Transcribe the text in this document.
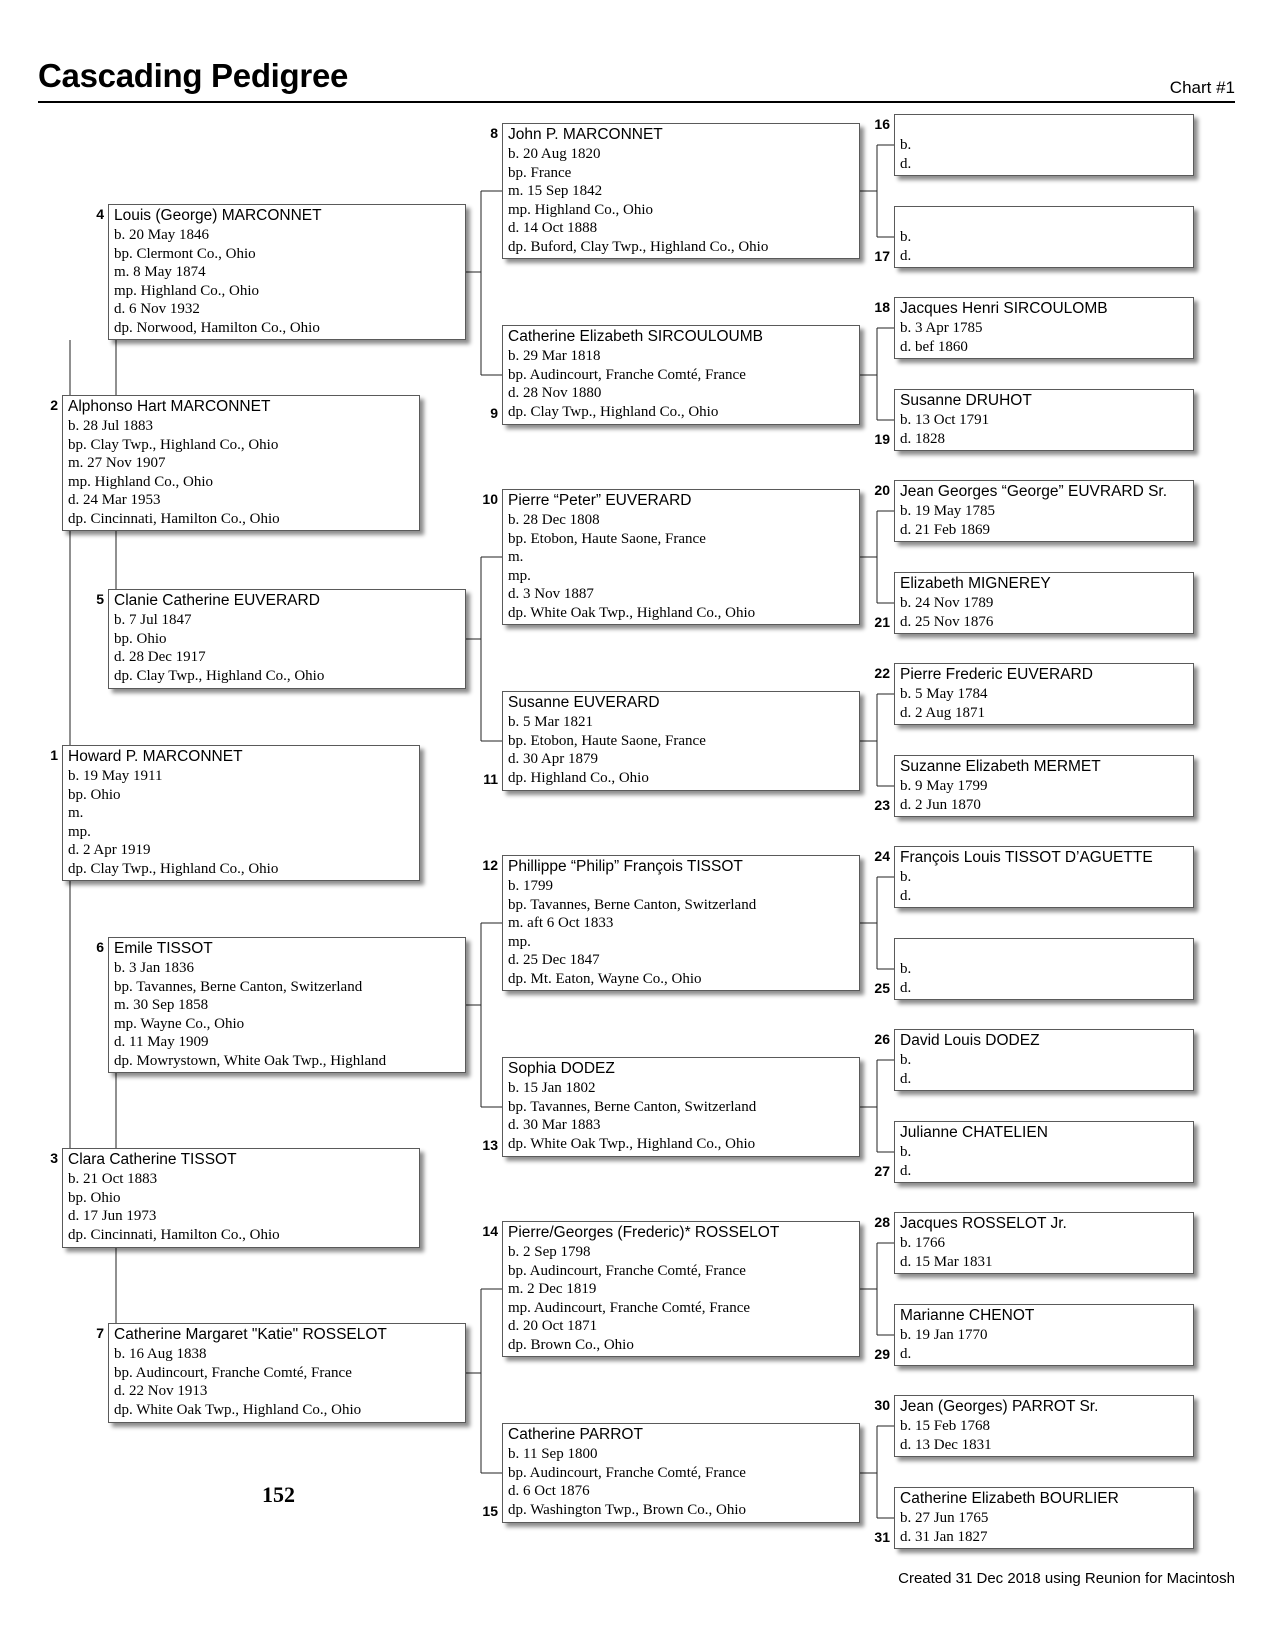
Cascading Pedigree	Chart #1
Howard P. MARCONNET
b. 19 May 1911
bp. Ohio
m.
mp.
d. 2 Apr 1919
dp. Clay Twp., Highland Co., Ohio
1
Alphonso Hart MARCONNET
b. 28 Jul 1883
bp. Clay Twp., Highland Co., Ohio
m. 27 Nov 1907
mp. Highland Co., Ohio
d. 24 Mar 1953
dp. Cincinnati, Hamilton Co., Ohio
2
Clara Catherine TISSOT
b. 21 Oct 1883
bp. Ohio
d. 17 Jun 1973
dp. Cincinnati, Hamilton Co., Ohio
3
Louis (George) MARCONNET
b. 20 May 1846
bp. Clermont Co., Ohio
m. 8 May 1874
mp. Highland Co., Ohio
d. 6 Nov 1932
dp. Norwood, Hamilton Co., Ohio
4
Clanie Catherine EUVERARD
b. 7 Jul 1847
bp. Ohio
d. 28 Dec 1917
dp. Clay Twp., Highland Co., Ohio
5
Emile TISSOT
b. 3 Jan 1836
bp. Tavannes, Berne Canton, Switzerland
m. 30 Sep 1858
mp. Wayne Co., Ohio
d. 11 May 1909
dp. Mowrystown, White Oak Twp., Highland
6
Catherine Margaret "Katie" ROSSELOT
b. 16 Aug 1838
bp. Audincourt, Franche Comté, France
d. 22 Nov 1913
dp. White Oak Twp., Highland Co., Ohio
7
John P. MARCONNET
b. 20 Aug 1820
bp. France
m. 15 Sep 1842
mp. Highland Co., Ohio
d. 14 Oct 1888
dp. Buford, Clay Twp., Highland Co., Ohio
8
Catherine Elizabeth SIRCOULOUMB
b. 29 Mar 1818
bp. Audincourt, Franche Comté, France
d. 28 Nov 1880
dp. Clay Twp., Highland Co., Ohio
9
Pierre “Peter” EUVERARD
b. 28 Dec 1808
bp. Etobon, Haute Saone, France
m.
mp.
d. 3 Nov 1887
dp. White Oak Twp., Highland Co., Ohio
10
Susanne EUVERARD
b. 5 Mar 1821
bp. Etobon, Haute Saone, France
d. 30 Apr 1879
dp. Highland Co., Ohio
11
Phillippe “Philip” François TISSOT
b. 1799
bp. Tavannes, Berne Canton, Switzerland
m. aft 6 Oct 1833
mp.
d. 25 Dec 1847
dp. Mt. Eaton, Wayne Co., Ohio
12
Sophia DODEZ
b. 15 Jan 1802
bp. Tavannes, Berne Canton, Switzerland
d. 30 Mar 1883
dp. White Oak Twp., Highland Co., Ohio
13
Pierre/Georges (Frederic)* ROSSELOT
b. 2 Sep 1798
bp. Audincourt, Franche Comté, France
m. 2 Dec 1819
mp. Audincourt, Franche Comté, France
d. 20 Oct 1871
dp. Brown Co., Ohio
14
Catherine PARROT
b. 11 Sep 1800
bp. Audincourt, Franche Comté, France
d. 6 Oct 1876
dp. Washington Twp., Brown Co., Ohio
15

b.
d.
16

b.
d.
17
Jacques Henri SIRCOULOMB
b. 3 Apr 1785
d. bef 1860
18
Susanne DRUHOT
b. 13 Oct 1791
d. 1828
19
Jean Georges “George” EUVRARD Sr.
b. 19 May 1785
d. 21 Feb 1869
20
Elizabeth MIGNEREY
b. 24 Nov 1789
d. 25 Nov 1876
21
Pierre Frederic EUVERARD
b. 5 May 1784
d. 2 Aug 1871
22
Suzanne Elizabeth MERMET
b. 9 May 1799
d. 2 Jun 1870
23
François Louis TISSOT D’AGUETTE
b.
d.
24

b.
d.
25
David Louis DODEZ
b.
d.
26
Julianne CHATELIEN
b.
d.
27
Jacques ROSSELOT Jr.
b. 1766
d. 15 Mar 1831
28
Marianne CHENOT
b. 19 Jan 1770
d.
29
Jean (Georges) PARROT Sr.
b. 15 Feb 1768
d. 13 Dec 1831
30
Catherine Elizabeth BOURLIER
b. 27 Jun 1765
d. 31 Jan 1827
31
152
Created 31 Dec 2018 using Reunion for Macintosh
